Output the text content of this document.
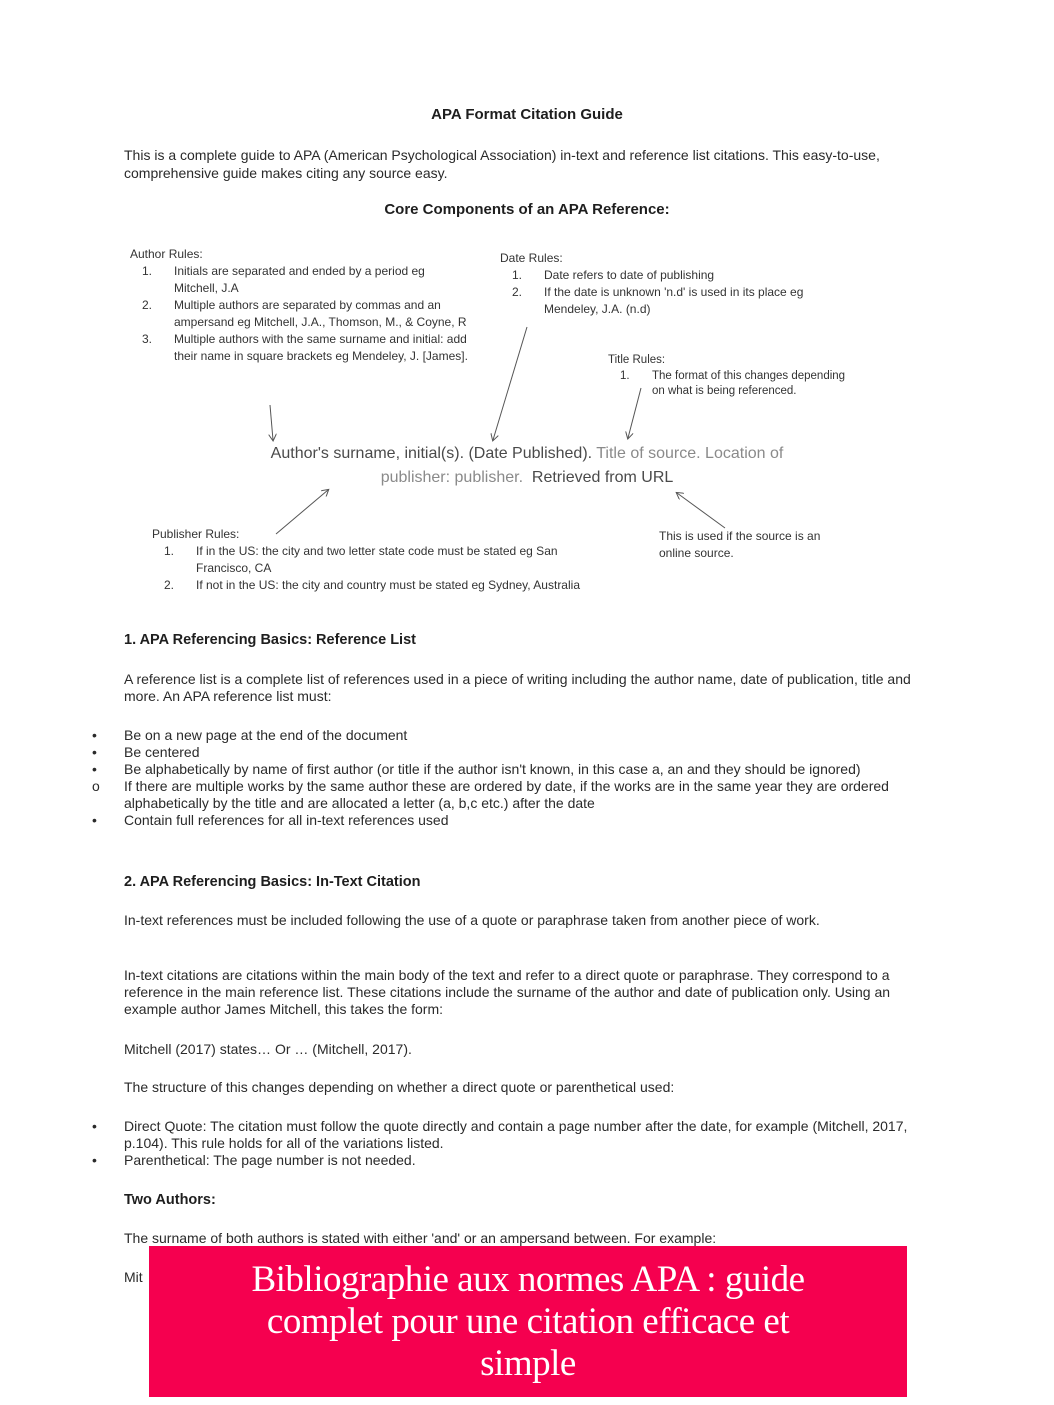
APA Format Citation Guide
This is a complete guide to APA (American Psychological Association) in-text and reference list citations. This easy-to-use, comprehensive guide makes citing any source easy.
Core Components of an APA Reference:
Author Rules:
1. Initials are separated and ended by a period eg Mitchell, J.A
2. Multiple authors are separated by commas and an ampersand eg Mitchell, J.A., Thomson, M., & Coyne, R
3. Multiple authors with the same surname and initial: add their name in square brackets eg Mendeley, J. [James].
Date Rules:
1. Date refers to date of publishing
2. If the date is unknown 'n.d' is used in its place eg Mendeley, J.A. (n.d)
Title Rules:
1. The format of this changes depending on what is being referenced.
Author's surname, initial(s). (Date Published). Title of source. Location of
publisher: publisher. Retrieved from URL
Publisher Rules:
1. If in the US: the city and two letter state code must be stated eg San Francisco, CA
2. If not in the US: the city and country must be stated eg Sydney, Australia
This is used if the source is an online source.
1. APA Referencing Basics: Reference List
A reference list is a complete list of references used in a piece of writing including the author name, date of publication, title and more. An APA reference list must:
• Be on a new page at the end of the document
• Be centered
• Be alphabetically by name of first author (or title if the author isn't known, in this case a, an and they should be ignored)
o If there are multiple works by the same author these are ordered by date, if the works are in the same year they are ordered alphabetically by the title and are allocated a letter (a, b,c etc.) after the date
• Contain full references for all in-text references used
2. APA Referencing Basics: In-Text Citation
In-text references must be included following the use of a quote or paraphrase taken from another piece of work.
In-text citations are citations within the main body of the text and refer to a direct quote or paraphrase. They correspond to a reference in the main reference list. These citations include the surname of the author and date of publication only. Using an example author James Mitchell, this takes the form:
Mitchell (2017) states… Or … (Mitchell, 2017).
The structure of this changes depending on whether a direct quote or parenthetical used:
• Direct Quote: The citation must follow the quote directly and contain a page number after the date, for example (Mitchell, 2017, p.104). This rule holds for all of the variations listed.
• Parenthetical: The page number is not needed.
Two Authors:
The surname of both authors is stated with either 'and' or an ampersand between. For example:
Mit	Bibliographie aux normes APA : guide complet pour une citation efficace et simple
